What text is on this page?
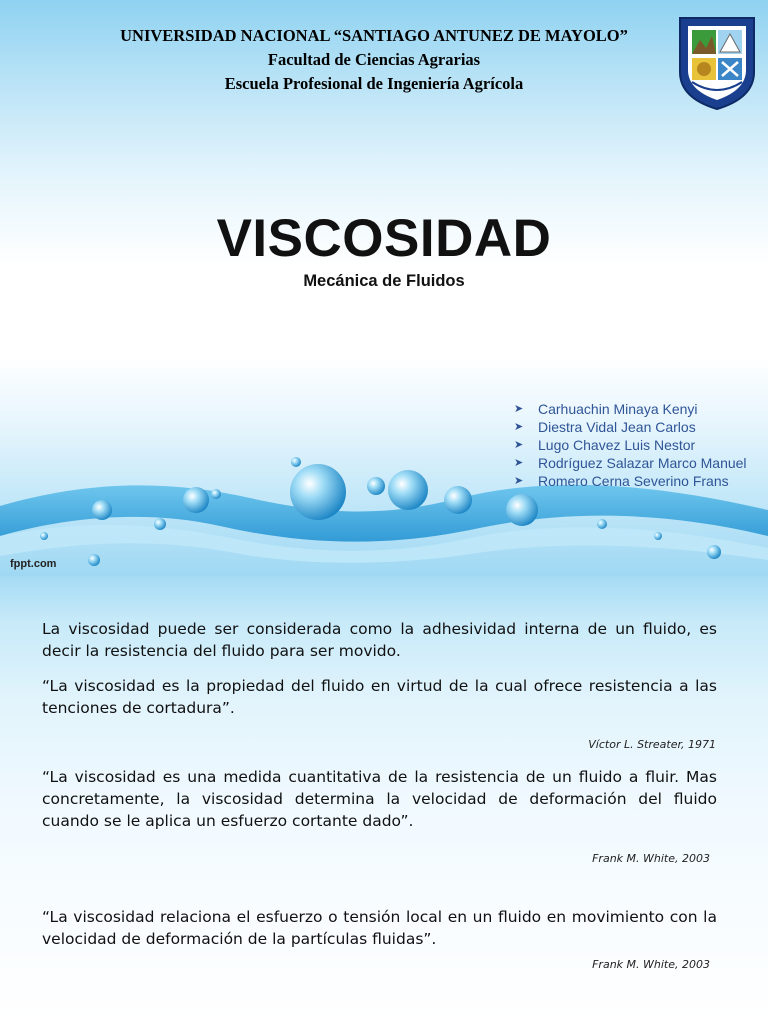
UNIVERSIDAD NACIONAL “SANTIAGO ANTUNEZ DE MAYOLO”
Facultad de Ciencias Agrarias
Escuela Profesional de Ingeniería Agrícola
VISCOSIDAD
Mecánica de Fluidos
➤	Carhuachin Minaya Kenyi
➤	Diestra Vidal Jean Carlos
➤	Lugo Chavez Luis Nestor
➤	Rodríguez Salazar Marco Manuel
➤	Romero Cerna Severino Frans
fppt.com

La viscosidad puede ser considerada como la adhesividad interna de un fluido, es decir la resistencia del fluido para ser movido.

“La viscosidad es la propiedad del fluido en virtud de la cual ofrece resistencia a las tenciones de cortadura”.

Víctor L. Streater, 1971

“La viscosidad es una medida cuantitativa de la resistencia de un fluido a fluir. Mas concretamente, la viscosidad determina la velocidad de deformación del fluido cuando se le aplica un esfuerzo cortante dado”.

Frank M. White, 2003

“La viscosidad relaciona el esfuerzo o tensión local en un fluido en movimiento con la velocidad de deformación de la partículas fluidas”.

Frank M. White, 2003
